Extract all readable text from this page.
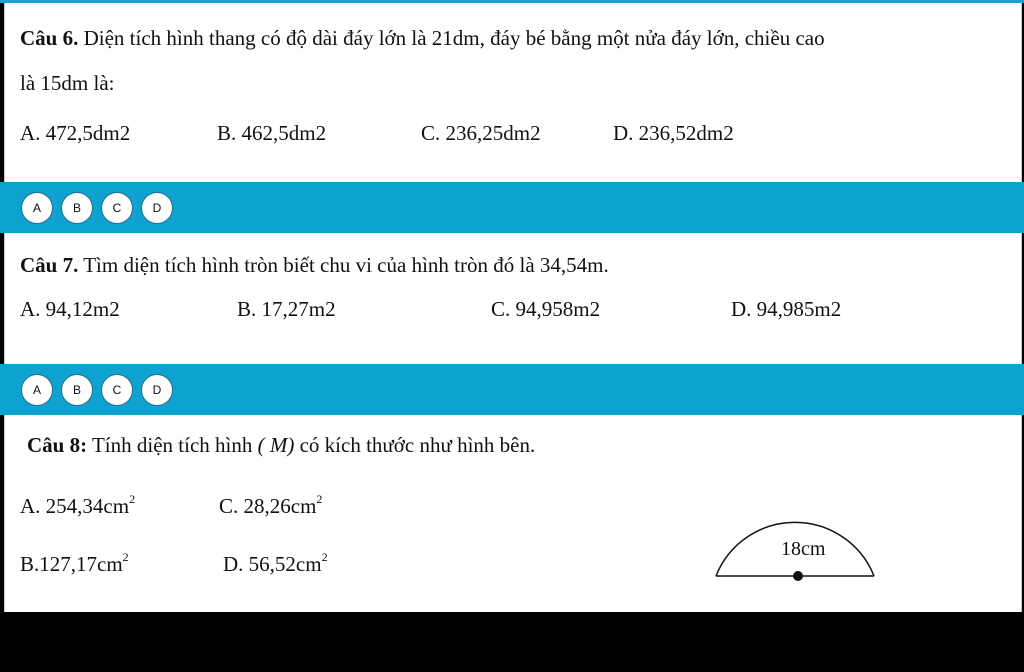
Câu 6. Diện tích hình thang có độ dài đáy lớn là 21dm, đáy bé bằng một nửa đáy lớn, chiều cao
là 15dm là:
A. 472,5dm2	B. 462,5dm2	C. 236,25dm2	D. 236,52dm2
A	B	C	D
Câu 7. Tìm diện tích hình tròn biết chu vi của hình tròn đó là 34,54m.
A. 94,12m2	B. 17,27m2	C. 94,958m2	D. 94,985m2
A	B	C	D
Câu 8: Tính diện tích hình ( M) có kích thước như hình bên.
A. $254,34cm^2$	C. $28,26cm^2$
$B.127,17cm^2$	D. $56,52cm^2$	18cm
